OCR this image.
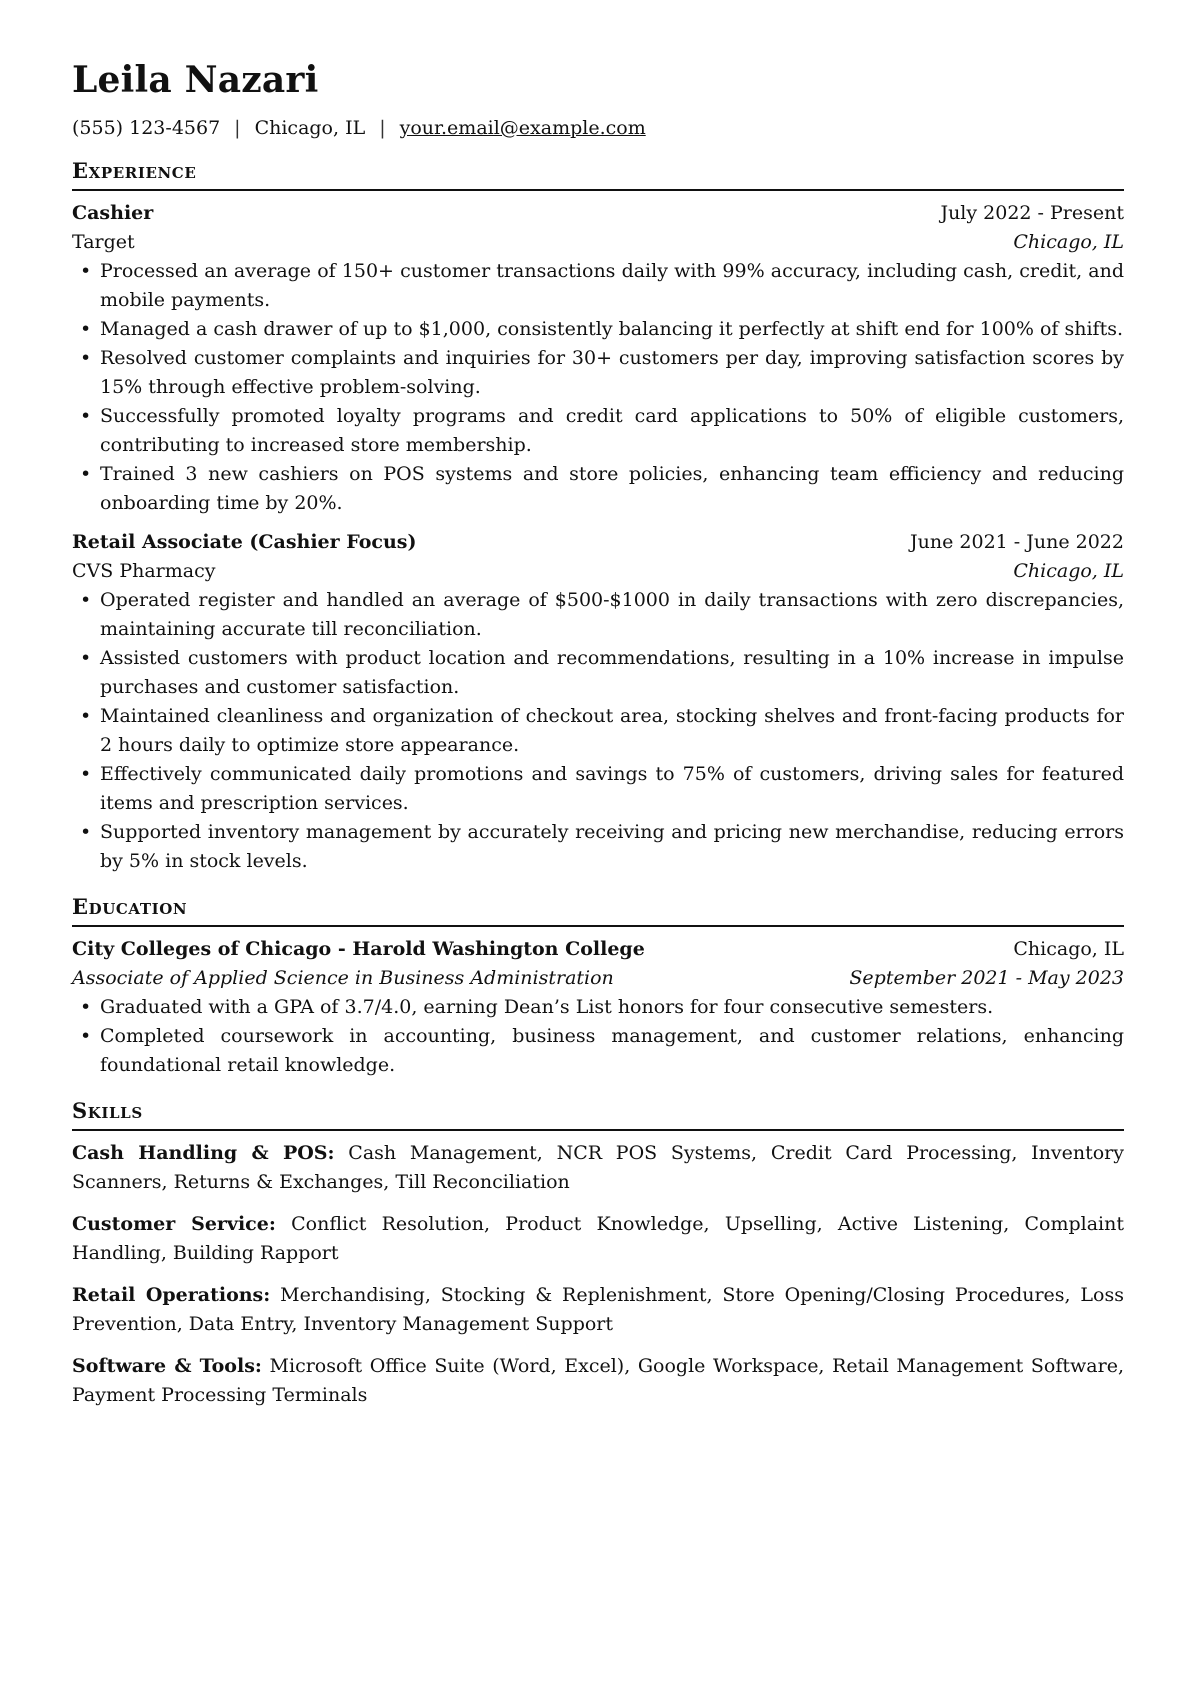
Leila Nazari
(555) 123-4567 | Chicago, IL | your.email@example.com
Experience
Cashier	July 2022 - Present
Target	Chicago, IL
• Processed an average of 150+ customer transactions daily with 99% accuracy, including cash, credit, and mobile payments.
• Managed a cash drawer of up to $1,000, consistently balancing it perfectly at shift end for 100% of shifts.
• Resolved customer complaints and inquiries for 30+ customers per day, improving satisfaction scores by 15% through effective problem-solving.
• Successfully promoted loyalty programs and credit card applications to 50% of eligible customers, contributing to increased store membership.
• Trained 3 new cashiers on POS systems and store policies, enhancing team efficiency and reducing onboarding time by 20%.
Retail Associate (Cashier Focus)	June 2021 - June 2022
CVS Pharmacy	Chicago, IL
• Operated register and handled an average of $500-$1000 in daily transactions with zero discrepancies, maintaining accurate till reconciliation.
• Assisted customers with product location and recommendations, resulting in a 10% increase in impulse purchases and customer satisfaction.
• Maintained cleanliness and organization of checkout area, stocking shelves and front-facing products for 2 hours daily to optimize store appearance.
• Effectively communicated daily promotions and savings to 75% of customers, driving sales for featured items and prescription services.
• Supported inventory management by accurately receiving and pricing new merchandise, reducing errors by 5% in stock levels.
Education
City Colleges of Chicago - Harold Washington College	Chicago, IL
Associate of Applied Science in Business Administration	September 2021 - May 2023
• Graduated with a GPA of 3.7/4.0, earning Dean’s List honors for four consecutive semesters.
• Completed coursework in accounting, business management, and customer relations, enhancing foundational retail knowledge.
Skills
Cash Handling & POS: Cash Management, NCR POS Systems, Credit Card Processing, Inventory Scanners, Returns & Exchanges, Till Reconciliation
Customer Service: Conflict Resolution, Product Knowledge, Upselling, Active Listening, Complaint Handling, Building Rapport
Retail Operations: Merchandising, Stocking & Replenishment, Store Opening/Closing Procedures, Loss Prevention, Data Entry, Inventory Management Support
Software & Tools: Microsoft Office Suite (Word, Excel), Google Workspace, Retail Management Software, Payment Processing Terminals
